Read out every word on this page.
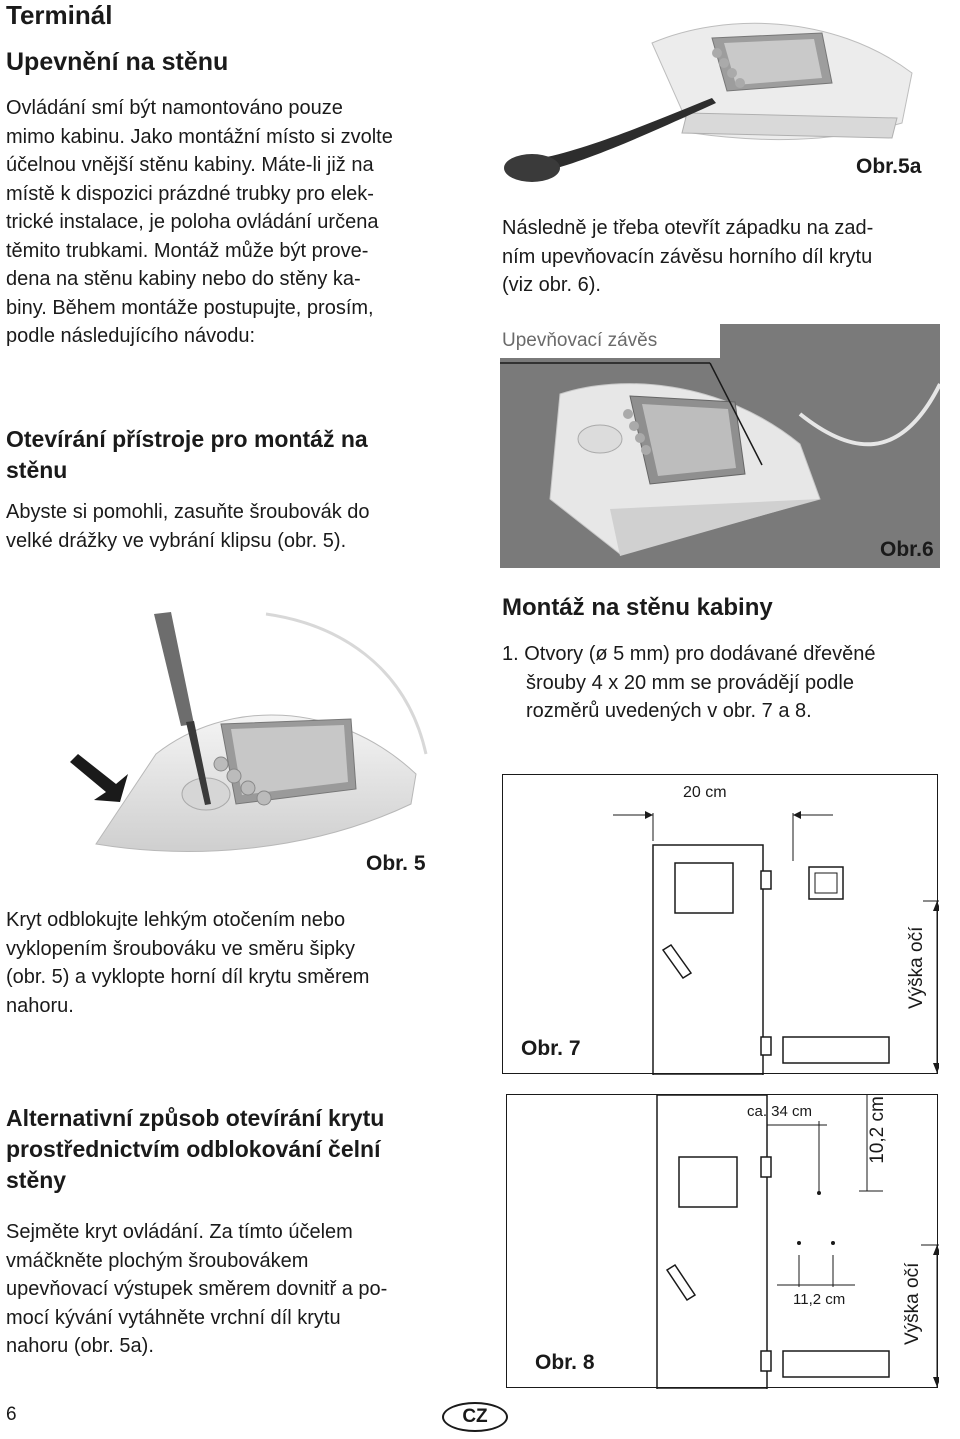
Terminál
Upevnění na stěnu
Ovládání smí být namontováno pouze
mimo kabinu. Jako montážní místo si zvolte
účelnou vnější stěnu kabiny. Máte-li již na
místě k dispozici prázdné trubky pro elek-
trické instalace, je poloha ovládání určena
těmito trubkami. Montáž může být prove-
dena na stěnu kabiny nebo do stěny ka-
biny. Během montáže postupujte, prosím,
podle následujícího návodu:
Otevírání přístroje pro montáž na
stěnu
Abyste si pomohli, zasuňte šroubovák do
velké drážky ve vybrání klipsu (obr. 5).
Obr. 5
Kryt odblokujte lehkým otočením nebo
vyklopením šroubováku ve směru šipky
(obr. 5) a vyklopte horní díl krytu směrem
nahoru.
Alternativní způsob otevírání krytu
prostřednictvím odblokování čelní
stěny
Sejměte kryt ovládání. Za tímto účelem
vmáčkněte plochým šroubovákem
upevňovací výstupek směrem dovnitř a po-
mocí kývání vytáhněte vrchní díl krytu
nahoru (obr. 5a).
Obr.5a
Následně je třeba otevřít západku na zad-
ním upevňovacín závěsu horního díl krytu
(viz obr. 6).
Upevňovací závěs
Obr.6
Montáž na stěnu kabiny
1. Otvory (ø 5 mm) pro dodávané dřevěné
šrouby 4 x 20 mm se provádějí podle
rozměrů uvedených v obr. 7 a 8.
20 cm
Výška očí
Obr. 7
ca. 34 cm	10,2 cm
11,2 cm	Výška očí
Obr. 8
6	CZ
